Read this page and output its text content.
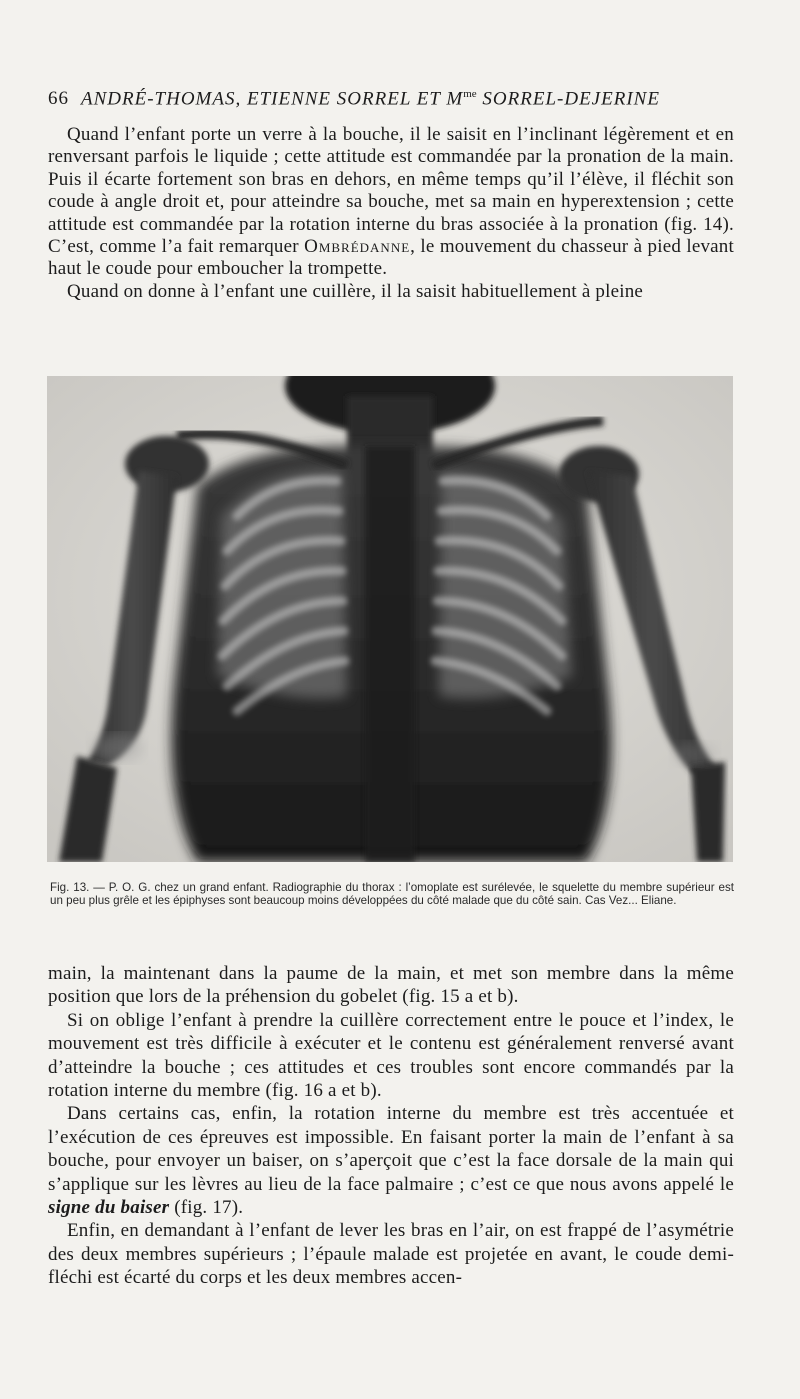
66 ANDRÉ-THOMAS, ETIENNE SORREL ET $M^{me}$ SORREL-DEJERINE

Quand l’enfant porte un verre à la bouche, il le saisit en l’inclinant légèrement et en renversant parfois le liquide ; cette attitude est commandée par la pronation de la main. Puis il écarte fortement son bras en dehors, en même temps qu’il l’élève, il fléchit son coude à angle droit et, pour atteindre sa bouche, met sa main en hyperextension ; cette attitude est commandée par la rotation interne du bras associée à la pronation (fig. 14). C’est, comme l’a fait remarquer Ombrédanne, le mouvement du chasseur à pied levant haut le coude pour emboucher la trompette.

Quand on donne à l’enfant une cuillère, il la saisit habituellement à pleine

Fig. 13. — P. O. G. chez un grand enfant. Radiographie du thorax : l’omoplate est surélevée, le squelette du membre supérieur est un peu plus grêle et les épiphyses sont beaucoup moins développées du côté malade que du côté sain. Cas Vez... Eliane.

main, la maintenant dans la paume de la main, et met son membre dans la même position que lors de la préhension du gobelet (fig. 15 a et b).

Si on oblige l’enfant à prendre la cuillère correctement entre le pouce et l’index, le mouvement est très difficile à exécuter et le contenu est généralement renversé avant d’atteindre la bouche ; ces attitudes et ces troubles sont encore commandés par la rotation interne du membre (fig. 16 a et b).

Dans certains cas, enfin, la rotation interne du membre est très accentuée et l’exécution de ces épreuves est impossible. En faisant porter la main de l’enfant à sa bouche, pour envoyer un baiser, on s’aperçoit que c’est la face dorsale de la main qui s’applique sur les lèvres au lieu de la face palmaire ; c’est ce que nous avons appelé le signe du baiser (fig. 17).

Enfin, en demandant à l’enfant de lever les bras en l’air, on est frappé de l’asymétrie des deux membres supérieurs ; l’épaule malade est projetée en avant, le coude demi-fléchi est écarté du corps et les deux membres accen-
